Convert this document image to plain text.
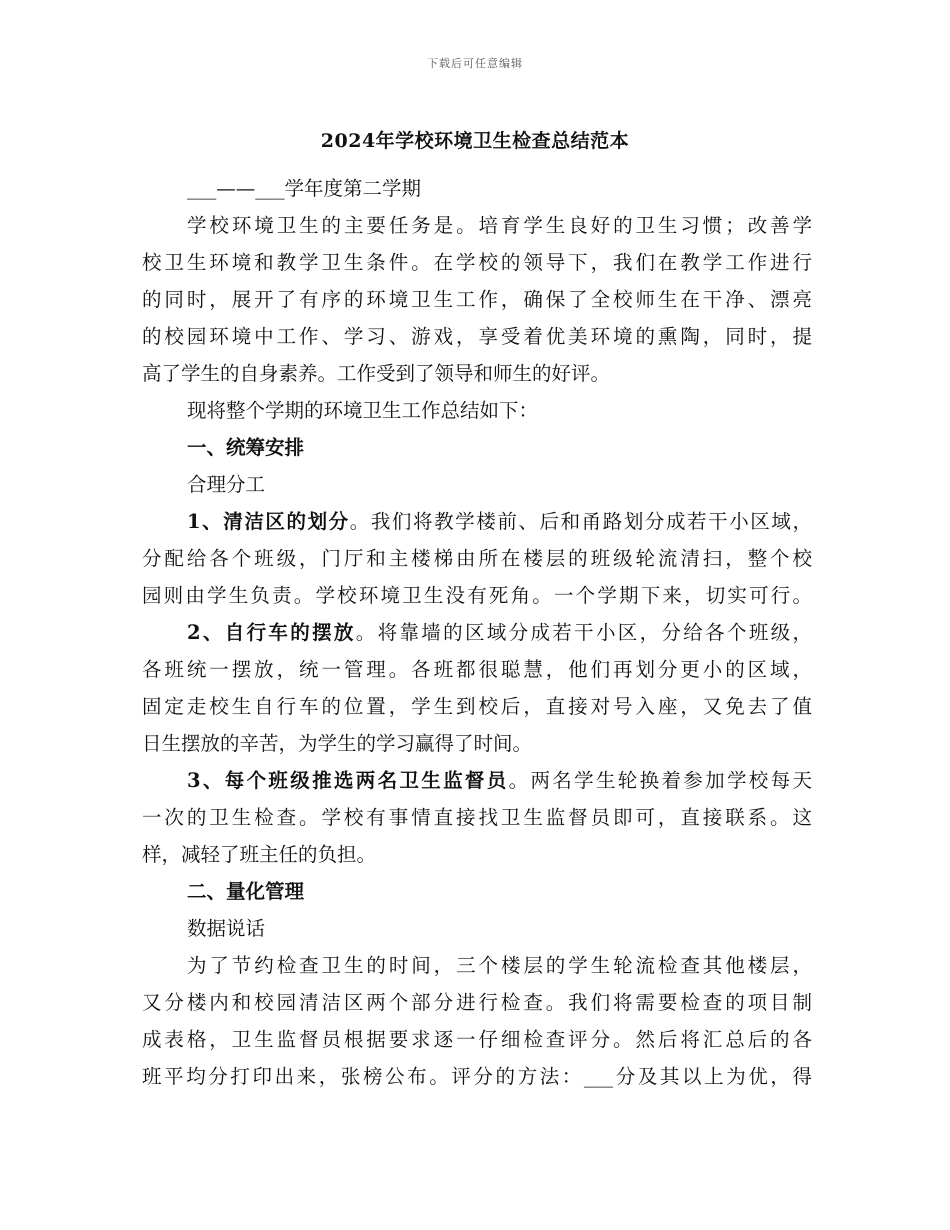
下载后可任意编辑
2024年学校环境卫生检查总结范本
___——___学年度第二学期
学校环境卫生的主要任务是。培育学生良好的卫生习惯；改善学
校卫生环境和教学卫生条件。在学校的领导下，我们在教学工作进行
的同时，展开了有序的环境卫生工作，确保了全校师生在干净、漂亮
的校园环境中工作、学习、游戏，享受着优美环境的熏陶，同时，提
高了学生的自身素养。工作受到了领导和师生的好评。
现将整个学期的环境卫生工作总结如下：
一、统筹安排
合理分工
1、清洁区的划分。我们将教学楼前、后和甬路划分成若干小区域，
分配给各个班级，门厅和主楼梯由所在楼层的班级轮流清扫，整个校
园则由学生负责。学校环境卫生没有死角。一个学期下来，切实可行。
2、自行车的摆放。将靠墙的区域分成若干小区，分给各个班级，
各班统一摆放，统一管理。各班都很聪慧，他们再划分更小的区域，
固定走校生自行车的位置，学生到校后，直接对号入座，又免去了值
日生摆放的辛苦，为学生的学习赢得了时间。
3、每个班级推选两名卫生监督员。两名学生轮换着参加学校每天
一次的卫生检查。学校有事情直接找卫生监督员即可，直接联系。这
样，减轻了班主任的负担。
二、量化管理
数据说话
为了节约检查卫生的时间，三个楼层的学生轮流检查其他楼层，
又分楼内和校园清洁区两个部分进行检查。我们将需要检查的项目制
成表格，卫生监督员根据要求逐一仔细检查评分。然后将汇总后的各
班平均分打印出来，张榜公布。评分的方法：___分及其以上为优，得
